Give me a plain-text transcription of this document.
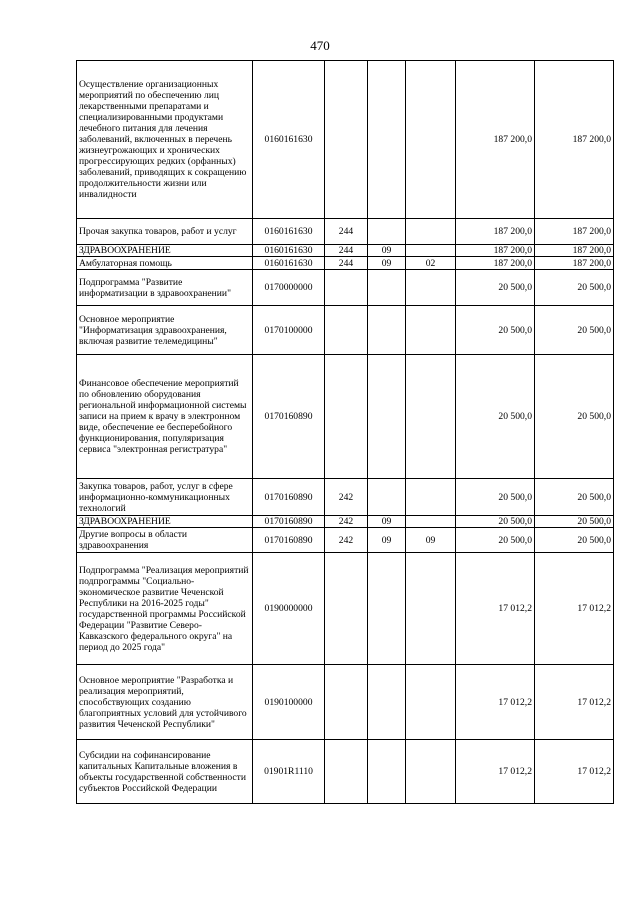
470
Осуществление организационных мероприятий по обеспечению лиц лекарственными препаратами и специализированными продуктами лечебного питания для лечения заболеваний, включенных в перечень жизнеугрожающих и хронических прогрессирующих редких (орфанных) заболеваний, приводящих к сокращению продолжительности жизни или инвалидности	0160161630				187 200,0	187 200,0
Прочая закупка товаров, работ и услуг	0160161630	244			187 200,0	187 200,0
ЗДРАВООХРАНЕНИЕ	0160161630	244	09		187 200,0	187 200,0
Амбулаторная помощь	0160161630	244	09	02	187 200,0	187 200,0
Подпрограмма "Развитие информатизации в здравоохранении"	0170000000				20 500,0	20 500,0
Основное мероприятие "Информатизация здравоохранения, включая развитие телемедицины"	0170100000				20 500,0	20 500,0
Финансовое обеспечение мероприятий по обновлению оборудования региональной информационной системы записи на прием к врачу в электронном виде, обеспечение ее бесперебойного функционирования, популяризация сервиса "электронная регистратура"	0170160890				20 500,0	20 500,0
Закупка товаров, работ, услуг в сфере информационно-коммуникационных технологий	0170160890	242			20 500,0	20 500,0
ЗДРАВООХРАНЕНИЕ	0170160890	242	09		20 500,0	20 500,0
Другие вопросы в области здравоохранения	0170160890	242	09	09	20 500,0	20 500,0
Подпрограмма "Реализация мероприятий подпрограммы "Социально-экономическое развитие Чеченской Республики на 2016-2025 годы" государственной программы Российской Федерации "Развитие Северо-Кавказского федерального округа" на период до 2025 года"	0190000000				17 012,2	17 012,2
Основное мероприятие "Разработка и реализация мероприятий, способствующих созданию благоприятных условий для устойчивого развития Чеченской Республики"	0190100000				17 012,2	17 012,2
Субсидии на софинансирование капитальных Капитальные вложения в объекты государственной собственности субъектов Российской Федерации	01901R1110				17 012,2	17 012,2
